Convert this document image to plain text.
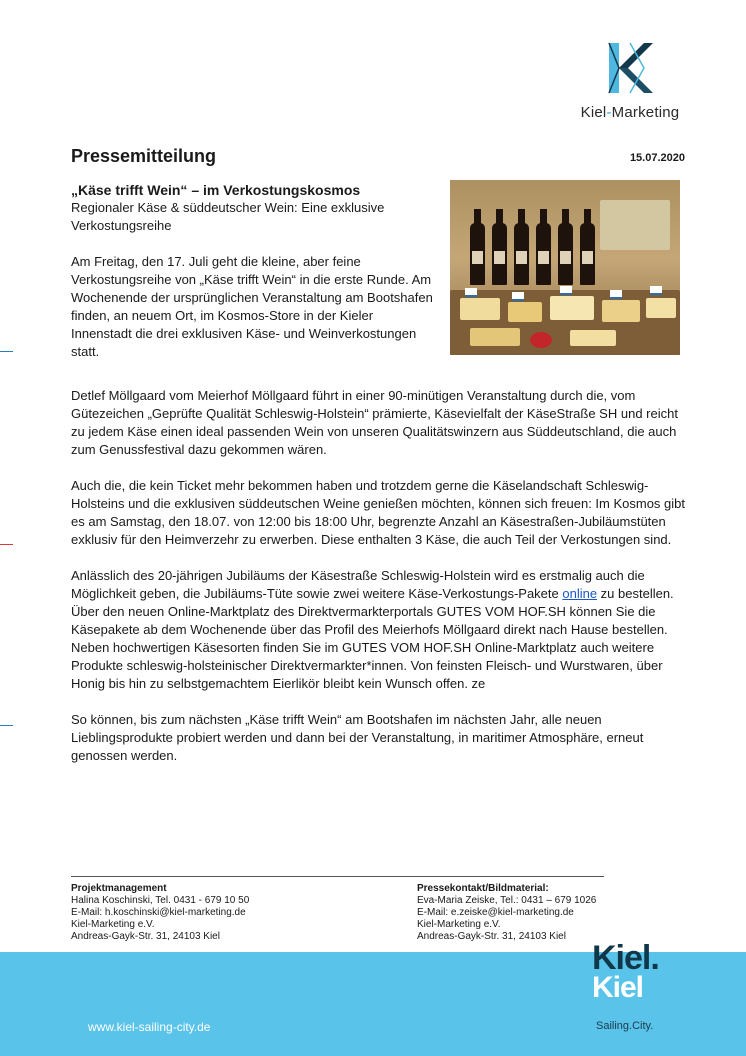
Kiel-Marketing
Pressemitteilung	15.07.2020
„Käse trifft Wein“ – im Verkostungskosmos

Regionaler Käse & süddeutscher Wein: Eine exklusive Verkostungsreihe

Am Freitag, den 17. Juli geht die kleine, aber feine Verkostungsreihe von „Käse trifft Wein“ in die erste Runde. Am Wochenende der ursprünglichen Veranstaltung am Bootshafen finden, an neuem Ort, im Kosmos-Store in der Kieler Innenstadt die drei exklusiven Käse- und Weinverkostungen statt.

Detlef Möllgaard vom Meierhof Möllgaard führt in einer 90-minütigen Veranstaltung durch die, vom Gütezeichen „Geprüfte Qualität Schleswig-Holstein“ prämierte, Käsevielfalt der KäseStraße SH und reicht zu jedem Käse einen ideal passenden Wein von unseren Qualitätswinzern aus Süddeutschland, die auch zum Genussfestival dazu gekommen wären.

Auch die, die kein Ticket mehr bekommen haben und trotzdem gerne die Käselandschaft Schleswig-Holsteins und die exklusiven süddeutschen Weine genießen möchten, können sich freuen: Im Kosmos gibt es am Samstag, den 18.07. von 12:00 bis 18:00 Uhr, begrenzte Anzahl an Käsestraßen-Jubiläumstüten exklusiv für den Heimverzehr zu erwerben. Diese enthalten 3 Käse, die auch Teil der Verkostungen sind.

Anlässlich des 20-jährigen Jubiläums der Käsestraße Schleswig-Holstein wird es erstmalig auch die Möglichkeit geben, die Jubiläums-Tüte sowie zwei weitere Käse-Verkostungs-Pakete online zu bestellen. Über den neuen Online-Marktplatz des Direktvermarkterportals GUTES VOM HOF.SH können Sie die Käsepakete ab dem Wochenende über das Profil des Meierhofs Möllgaard direkt nach Hause bestellen. Neben hochwertigen Käsesorten finden Sie im GUTES VOM HOF.SH Online-Marktplatz auch weitere Produkte schleswig-holsteinischer Direktvermarkter*innen. Von feinsten Fleisch- und Wurstwaren, über Honig bis hin zu selbstgemachtem Eierlikör bleibt kein Wunsch offen. ze

So können, bis zum nächsten „Käse trifft Wein“ am Bootshafen im nächsten Jahr, alle neuen Lieblingsprodukte probiert werden und dann bei der Veranstaltung, in maritimer Atmosphäre, erneut genossen werden.

Projektmanagement
Halina Koschinski, Tel. 0431 - 679 10 50
E-Mail: h.koschinski@kiel-marketing.de
Kiel-Marketing e.V.
Andreas-Gayk-Str. 31, 24103 Kiel
Pressekontakt/Bildmaterial:
Eva-Maria Zeiske, Tel.: 0431 – 679 1026
E-Mail: e.zeiske@kiel-marketing.de
Kiel-Marketing e.V.
Andreas-Gayk-Str. 31, 24103 Kiel
www.kiel-sailing-city.de	Sailing.City.
Kiel.
Kiel
